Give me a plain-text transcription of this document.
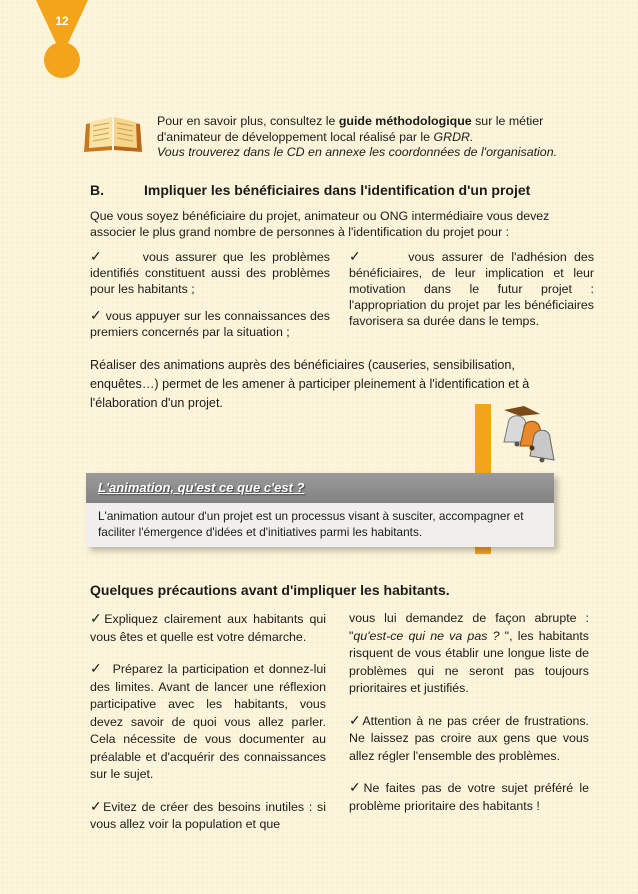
12

Pour en savoir plus, consultez le guide méthodologique sur le métier

d'animateur de développement local réalisé par le GRDR.

Vous trouverez dans le CD en annexe les coordonnées de l'organisation.

B.	Impliquer les bénéficiaires dans l'identification d'un projet
Que vous soyez bénéficiaire du projet, animateur ou ONG intermédiaire vous devez associer le plus grand nombre de personnes à l'identification du projet pour :

✓	vous assurer que les problèmes identifiés constituent aussi des problèmes pour les habitants ;

✓ vous appuyer sur les connaissances des premiers concernés par la situation ;

✓	vous assurer de l'adhésion des bénéficiaires, de leur implication et leur motivation dans le futur projet : l'appropriation du projet par les bénéficiaires favorisera sa durée dans le temps.

Réaliser des animations auprès des bénéficiaires (causeries, sensibilisation, enquêtes…) permet de les amener à participer pleinement à l'identification et à l'élaboration d'un projet.
L'animation, qu'est ce que c'est ?
L'animation autour d'un projet est un processus visant à susciter, accompagner et faciliter l'émergence d'idées et d'initiatives parmi les habitants.
Quelques précautions avant d'impliquer les habitants.

✓Expliquez clairement aux habitants qui vous êtes et quelle est votre démarche.

✓ Préparez la participation et donnez-lui des limites. Avant de lancer une réflexion participative avec les habitants, vous devez savoir de quoi vous allez parler. Cela nécessite de vous documenter au préalable et d'acquérir des connaissances sur le sujet.

✓Evitez de créer des besoins inutiles : si vous allez voir la population et que

vous lui demandez de façon abrupte : "qu'est-ce qui ne va pas ? ", les habitants risquent de vous établir une longue liste de problèmes qui ne seront pas toujours prioritaires et justifiés.

✓Attention à ne pas créer de frustrations. Ne laissez pas croire aux gens que vous allez régler l'ensemble des problèmes.

✓Ne faites pas de votre sujet préféré le problème prioritaire des habitants !
